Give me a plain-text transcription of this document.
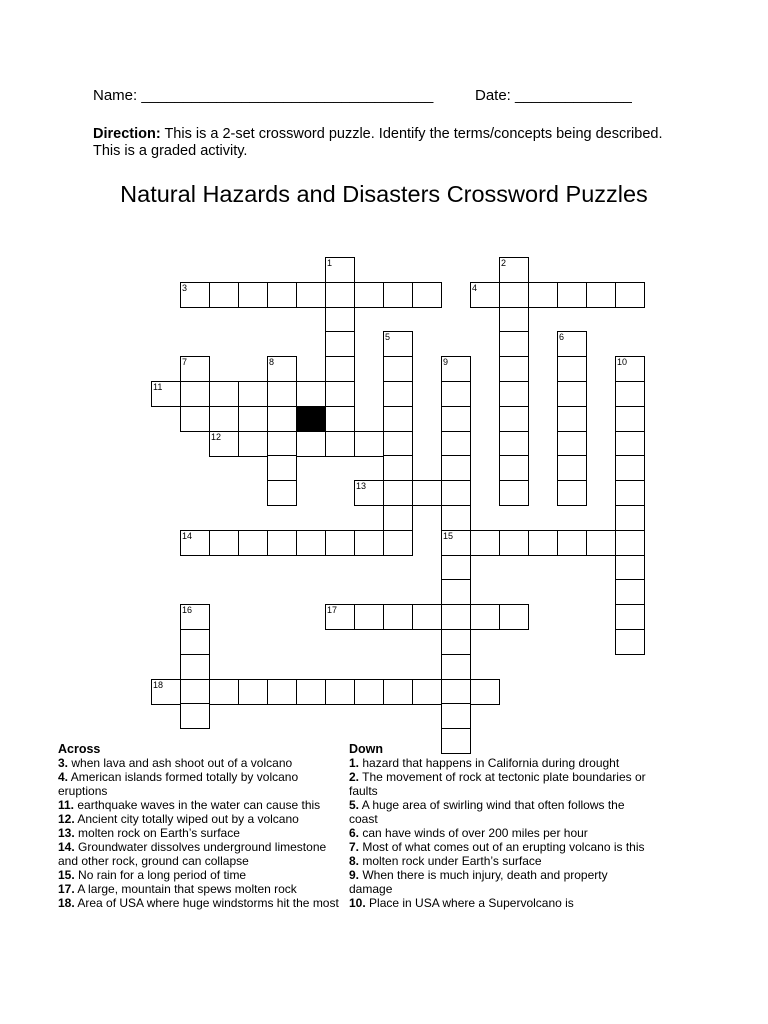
Name: ___________________________________	Date: ______________
Direction: This is a 2-set crossword puzzle. Identify the terms/concepts being described. This is a graded activity.
Natural Hazards and Disasters Crossword Puzzles
1	2
3	4
5	6
7	8	9
15
10
11
12
13
14
16	17
18
Across
3. when lava and ash shoot out of a volcano
4. American islands formed totally by volcano eruptions
11. earthquake waves in the water can cause this
12. Ancient city totally wiped out by a volcano
13. molten rock on Earth’s surface
14. Groundwater dissolves underground limestone and other rock, ground can collapse
15. No rain for a long period of time
17. A large, mountain that spews molten rock
18. Area of USA where huge windstorms hit the most
Down
1. hazard that happens in California during drought
2. The movement of rock at tectonic plate boundaries or faults
5. A huge area of swirling wind that often follows the coast
6. can have winds of over 200 miles per hour
7. Most of what comes out of an erupting volcano is this
8. molten rock under Earth’s surface
9. When there is much injury, death and property damage
10. Place in USA where a Supervolcano is
